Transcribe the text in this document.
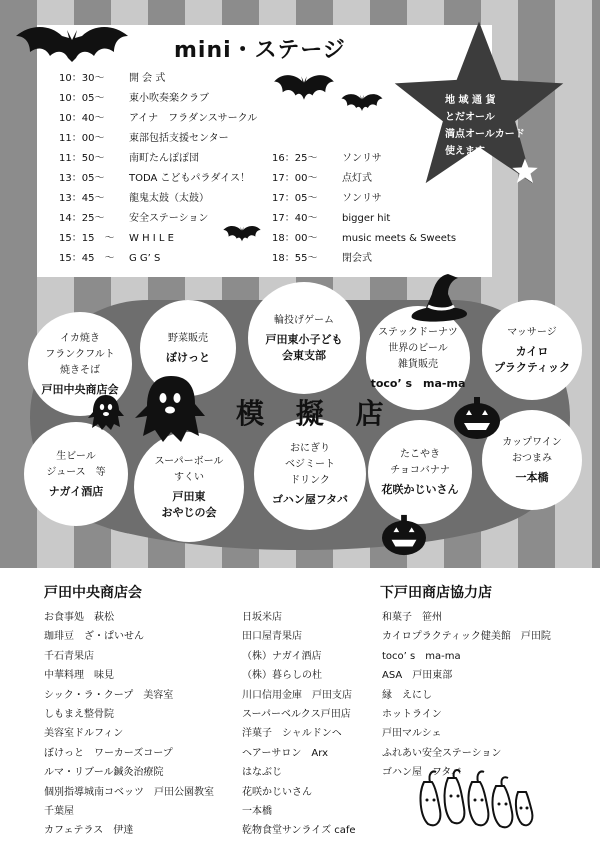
mini・ステージ
10：30～ 開 会 式
10：05～ 東小吹奏楽クラブ
10：40～ アイナ　フラダンスサークル
11：00～ 東部包括支援センター
11：50～ 南町たんぽぽ団
13：05～ TODA こどもパラダイス！
13：45～ 龍鬼太鼓（太鼓）
14：25～ 安全ステーション
15：15　～ W H I L E
15：45　～ G G’ S
16：25～ ソンリサ
17：00～ 点灯式
17：05～ ソンリサ
17：40～ bigger hit
18：00～ music meets & Sweets
18：55～ 閉会式
地 域 通 貨
とだオール
満点オールカード
使えます
イカ焼き
フランクフルト
焼きそば
戸田中央商店会
野菜販売
ぼけっと
輪投げゲーム
戸田東小子ども
会東支部
ステックドーナツ
世界のビール
雑貨販売
toco’ s　ma-ma
マッサージ
カイロ
プラクティック
生ビール
ジュース　等
ナガイ酒店
スーパーボール
すくい
戸田東
おやじの会
おにぎり
ベジミート
ドリンク
ゴハン屋フタバ
たこやき
チョコバナナ
花咲かじいさん
カップワイン
おつまみ
一本橋
模 擬 店
戸田中央商店会	下戸田商店協力店
お食事処　萩松
珈琲豆　ざ・ぱいせん
千石青果店
中華料理　味見
シック・ラ・クープ　美容室
しもまえ整骨院
美容室ドルフィン
ぼけっと　ワーカーズコープ
ルマ・リブール鍼灸治療院
個別指導城南コベッツ　戸田公園教室
千葉屋
カフェテラス　伊達
日坂米店
田口屋青果店
（株）ナガイ酒店
（株）暮らしの杜
川口信用金庫　戸田支店
スーパーベルクス戸田店
洋菓子　シャルドンヘ
ヘアーサロン　Arx
はなぶじ
花咲かじいさん
一本橋
乾物食堂サンライズ cafe
和菓子　笹州
カイロプラクティック健美館　戸田院
toco’ s　ma-ma
ASA　戸田東部
縁　えにし
ホットライン
戸田マルシェ
ふれあい安全ステーション
ゴハン屋　フタバ
